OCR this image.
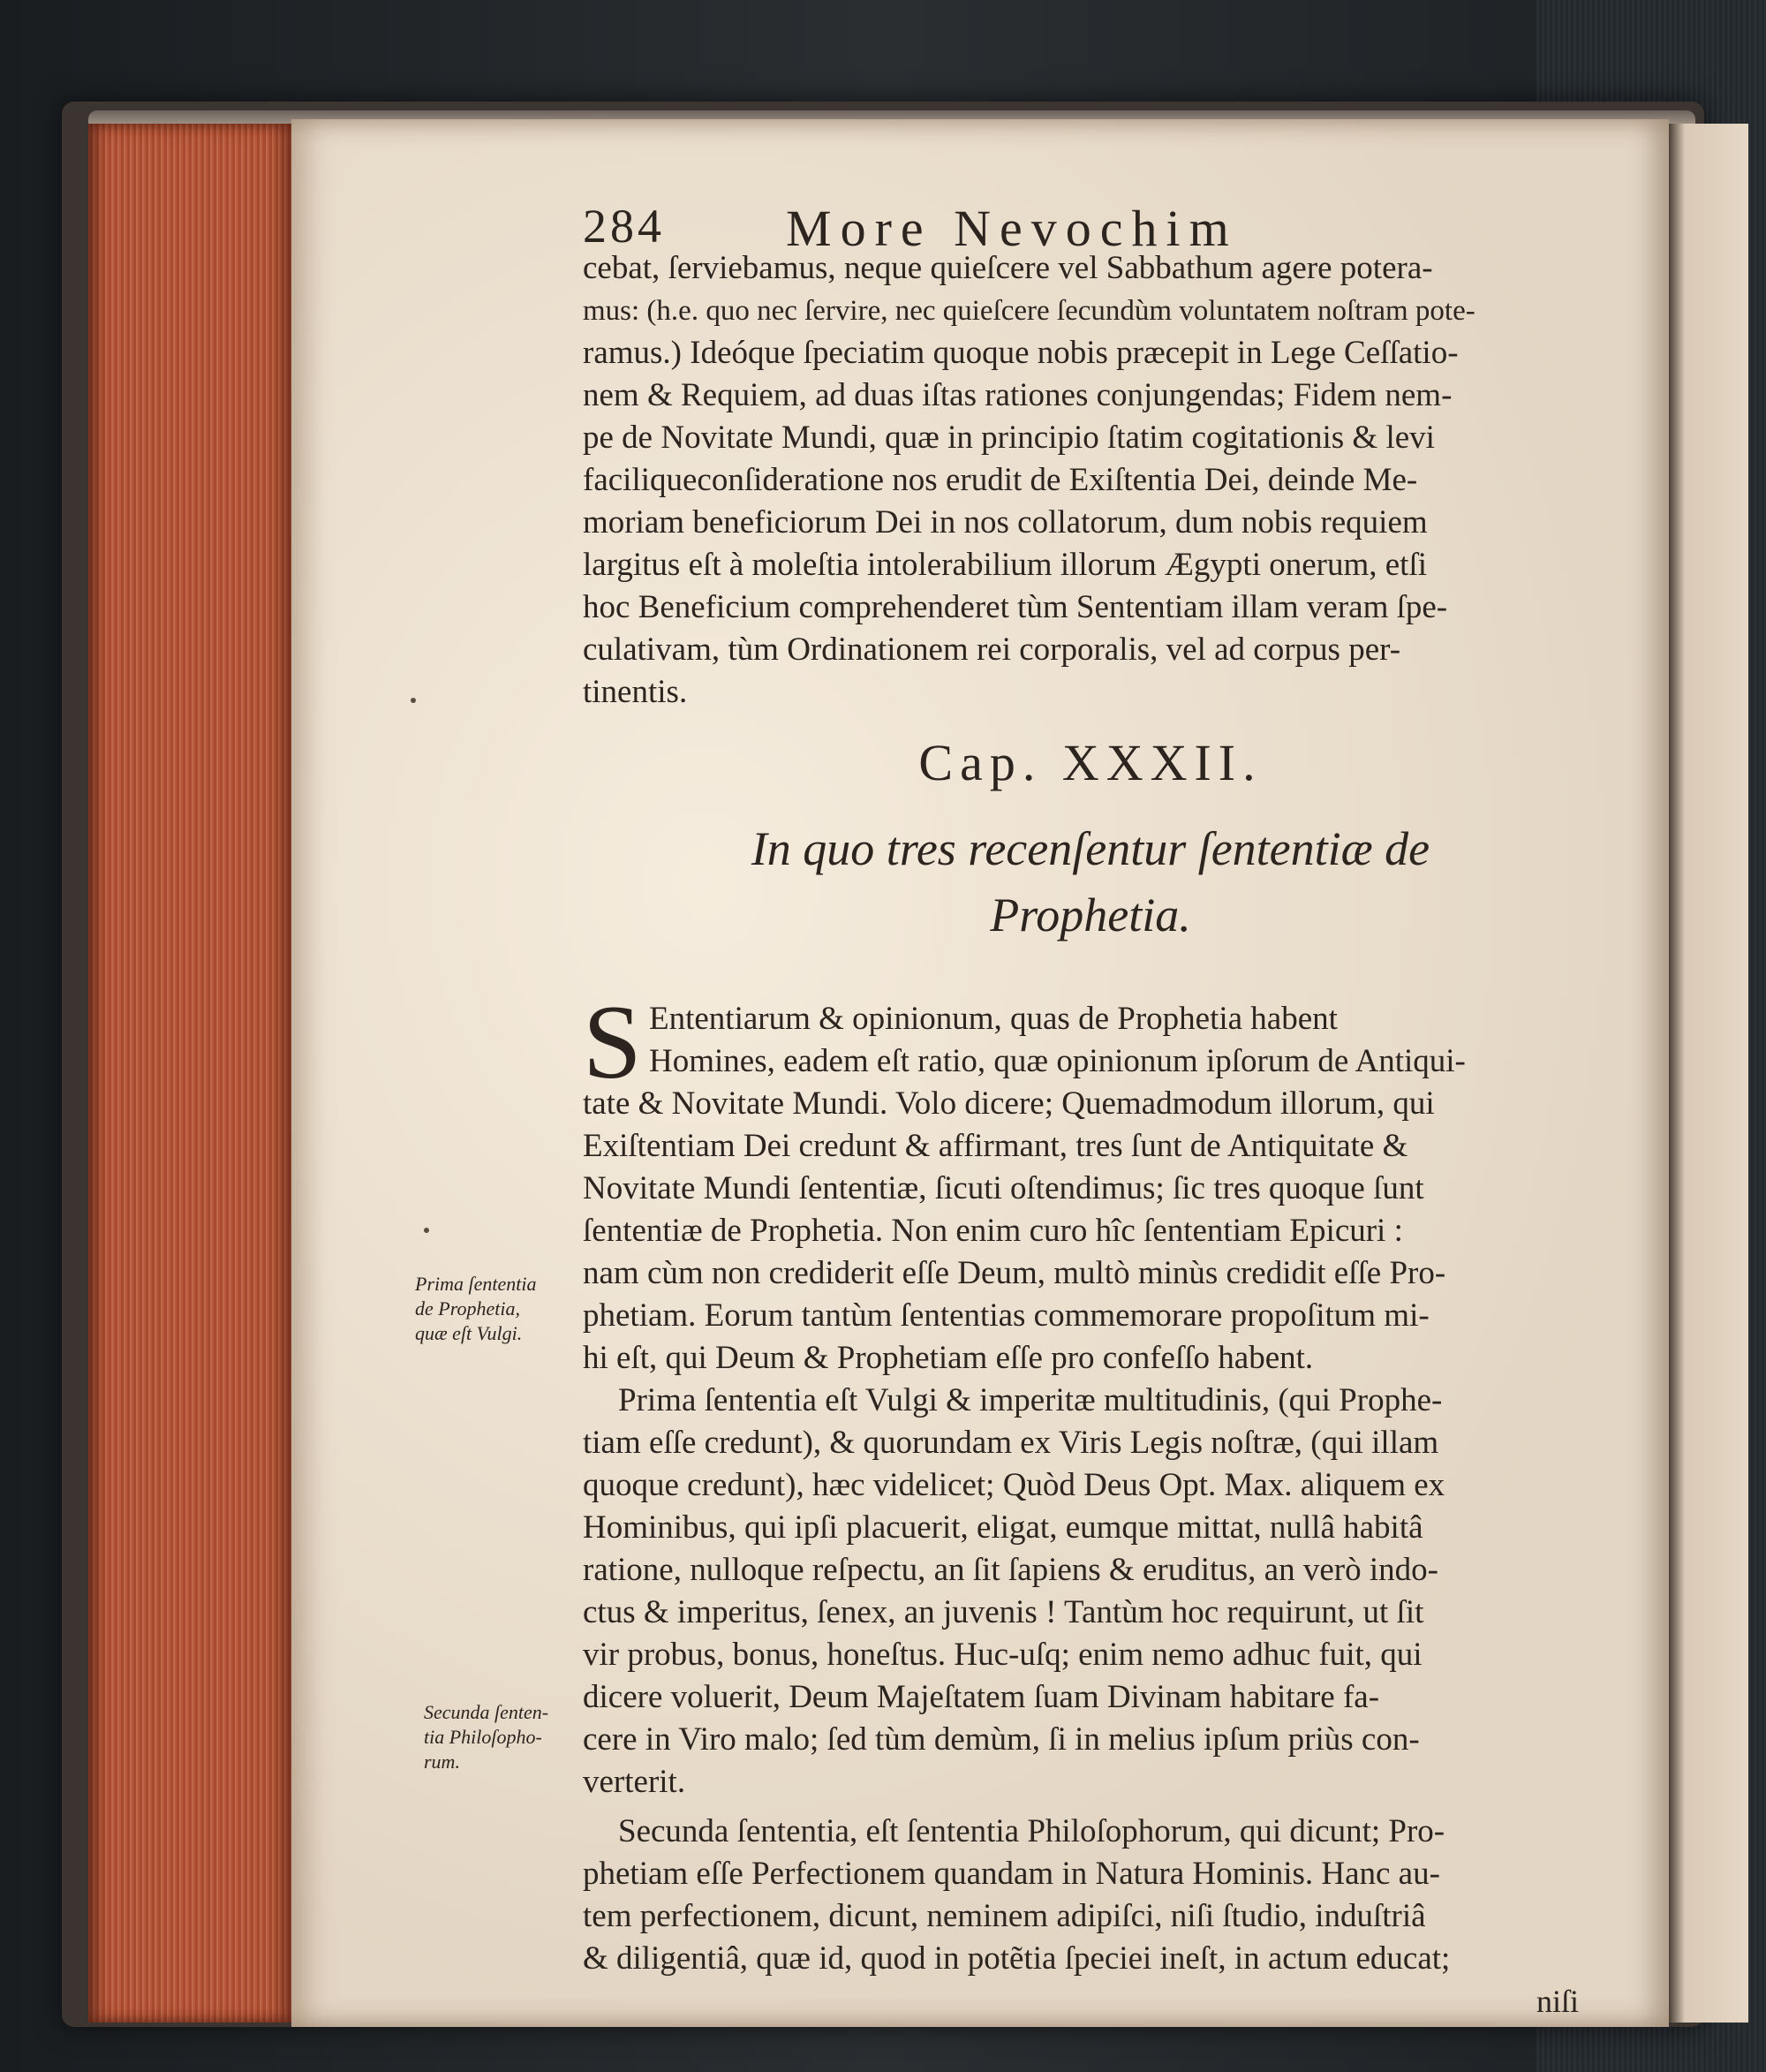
284 More Nevochim
cebat, ſerviebamus, neque quieſcere vel Sabbathum agere potera-
mus: (h.e. quo nec ſervire, nec quieſcere ſecundùm voluntatem noſtram pote-
ramus.) Ideóque ſpeciatim quoque nobis præcepit in Lege Ceſſatio-
nem & Requiem, ad duas iſtas rationes conjungendas; Fidem nem-
pe de Novitate Mundi, quæ in principio ſtatim cogitationis & levi
faciliqueconſideratione nos erudit de Exiſtentia Dei, deinde Me-
moriam beneficiorum Dei in nos collatorum, dum nobis requiem
largitus eſt à moleſtia intolerabilium illorum Ægypti onerum, etſi
hoc Beneficium comprehenderet tùm Sententiam illam veram ſpe-
culativam, tùm Ordinationem rei corporalis, vel ad corpus per-
tinentis.
Cap. XXXII.
In quo tres recenſentur ſententiæ de
Prophetia.
S Ententiarum & opinionum, quas de Prophetia habent
Homines, eadem eſt ratio, quæ opinionum ipſorum de Antiqui-
tate & Novitate Mundi. Volo dicere; Quemadmodum illorum, qui
Exiſtentiam Dei credunt & affirmant, tres ſunt de Antiquitate &
Novitate Mundi ſententiæ, ſicuti oſtendimus; ſic tres quoque ſunt
ſententiæ de Prophetia. Non enim curo hîc ſententiam Epicuri :
nam cùm non crediderit eſſe Deum, multò minùs credidit eſſe Pro-
phetiam. Eorum tantùm ſententias commemorare propoſitum mi-
hi eſt, qui Deum & Prophetiam eſſe pro confeſſo habent.
Prima ſententia eſt Vulgi & imperitæ multitudinis, (qui Prophe-
tiam eſſe credunt), & quorundam ex Viris Legis noſtræ, (qui illam
quoque credunt), hæc videlicet; Quòd Deus Opt. Max. aliquem ex
Hominibus, qui ipſi placuerit, eligat, eumque mittat, nullâ habitâ
ratione, nulloque reſpectu, an ſit ſapiens & eruditus, an verò indo-
ctus & imperitus, ſenex, an juvenis ! Tantùm hoc requirunt, ut ſit
vir probus, bonus, honeſtus. Huc-uſq; enim nemo adhuc fuit, qui
dicere voluerit, Deum Majeſtatem ſuam Divinam habitare fa-
cere in Viro malo; ſed tùm demùm, ſi in melius ipſum priùs con-
verterit.
Secunda ſententia, eſt ſententia Philoſophorum, qui dicunt; Pro-
phetiam eſſe Perfectionem quandam in Natura Hominis. Hanc au-
tem perfectionem, dicunt, neminem adipiſci, niſi ſtudio, induſtriâ
& diligentiâ, quæ id, quod in potẽtia ſpeciei ineſt, in actum educat;
niſi
Prima ſententia
de Prophetia,
quæ eſt Vulgi.
Secunda ſenten-
tia Philoſopho-
rum.
